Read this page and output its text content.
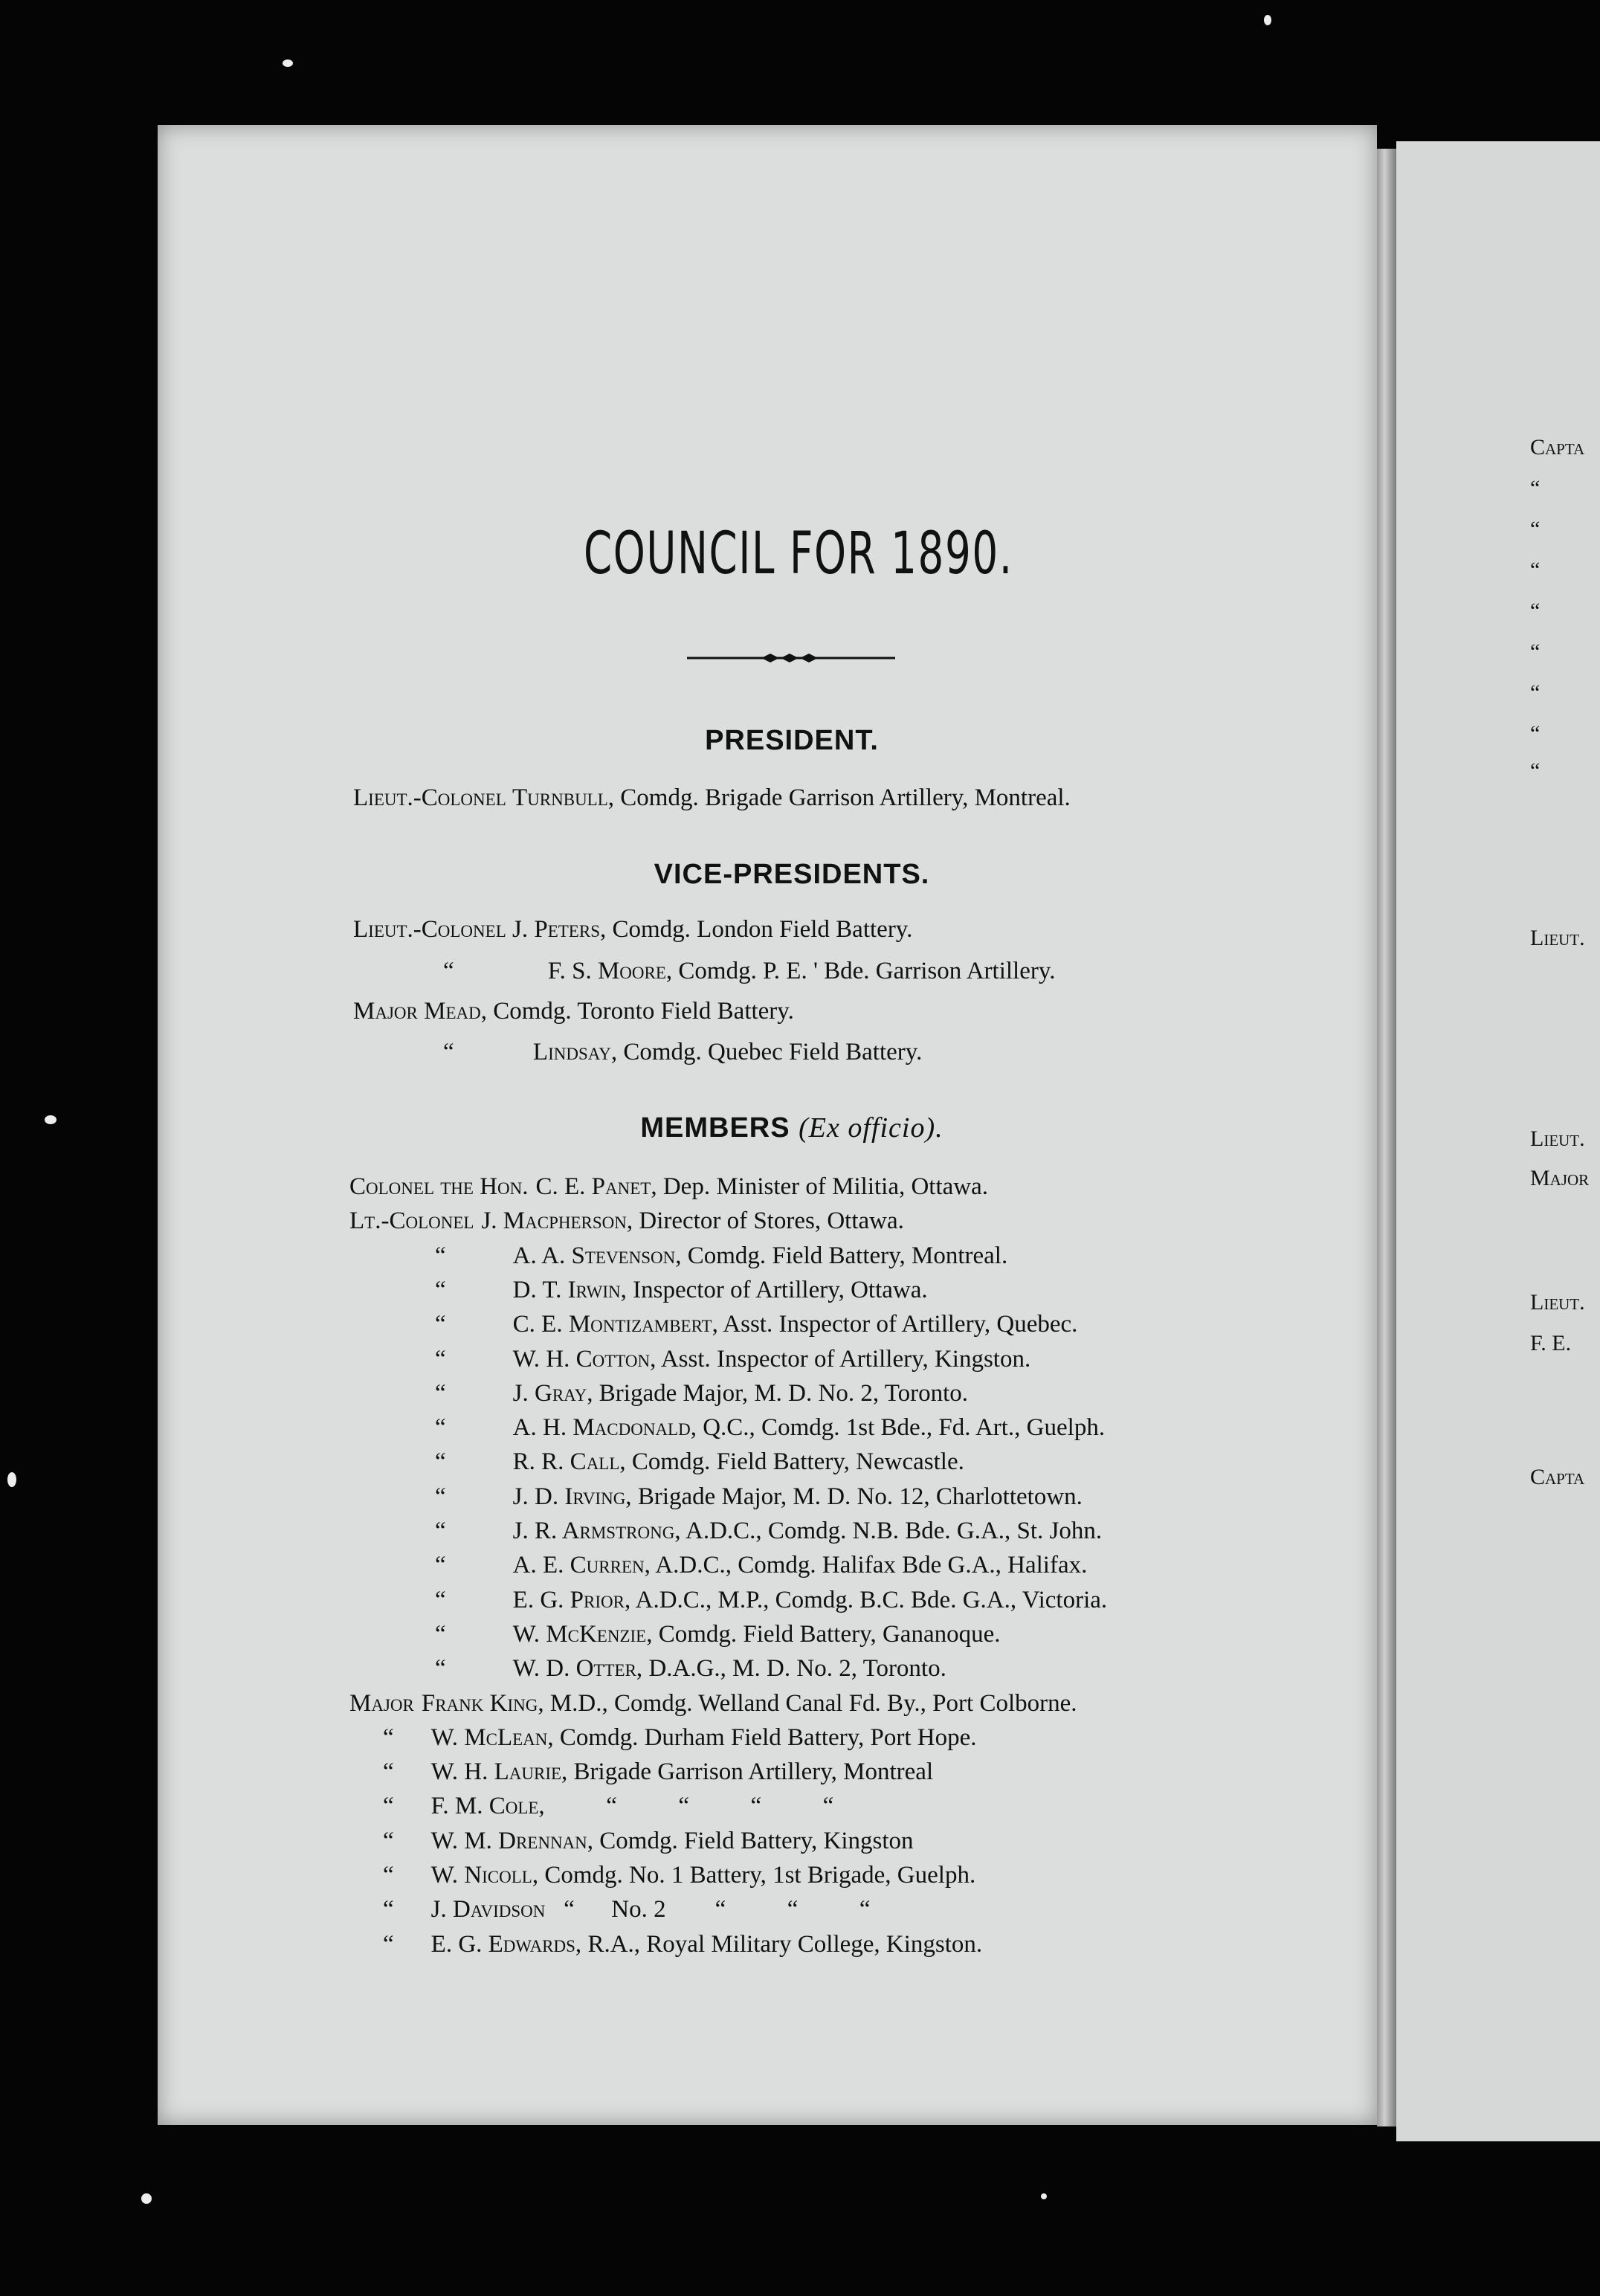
Capta
“
“
“
“
“
“
“
“
Lieut.
Lieut.
Major
Lieut.
F. E.
Capta
COUNCIL FOR 1890.
PRESIDENT.
Lieut.-Colonel Turnbull, Comdg. Brigade Garrison Artillery, Montreal.
VICE-PRESIDENTS.
Lieut.-Colonel J. Peters, Comdg. London Field Battery.
“	F. S. Moore, Comdg. P. E. ' Bde. Garrison Artillery.
Major Mead, Comdg. Toronto Field Battery.
“	Lindsay, Comdg. Quebec Field Battery.
MEMBERS (Ex officio).
Colonel the Hon. C. E. Panet, Dep. Minister of Militia, Ottawa.
Lt.-Colonel J. Macpherson, Director of Stores, Ottawa.
“	A. A. Stevenson, Comdg. Field Battery, Montreal.
“	D. T. Irwin, Inspector of Artillery, Ottawa.
“	C. E. Montizambert, Asst. Inspector of Artillery, Quebec.
“	W. H. Cotton, Asst. Inspector of Artillery, Kingston.
“	J. Gray, Brigade Major, M. D. No. 2, Toronto.
“	A. H. Macdonald, Q.C., Comdg. 1st Bde., Fd. Art., Guelph.
“	R. R. Call, Comdg. Field Battery, Newcastle.
“	J. D. Irving, Brigade Major, M. D. No. 12, Charlottetown.
“	J. R. Armstrong, A.D.C., Comdg. N.B. Bde. G.A., St. John.
“	A. E. Curren, A.D.C., Comdg. Halifax Bde G.A., Halifax.
“	E. G. Prior, A.D.C., M.P., Comdg. B.C. Bde. G.A., Victoria.
“	W. McKenzie, Comdg. Field Battery, Gananoque.
“	W. D. Otter, D.A.G., M. D. No. 2, Toronto.
Major Frank King, M.D., Comdg. Welland Canal Fd. By., Port Colborne.
“ W. McLean, Comdg. Durham Field Battery, Port Hope.
“ W. H. Laurie, Brigade Garrison Artillery, Montreal
“ F. M. Cole,          “          “          “          “
“ W. M. Drennan, Comdg. Field Battery, Kingston
“ W. Nicoll, Comdg. No. 1 Battery, 1st Brigade, Guelph.
“ J. Davidson   “      No. 2        “          “          “
“ E. G. Edwards, R.A., Royal Military College, Kingston.
